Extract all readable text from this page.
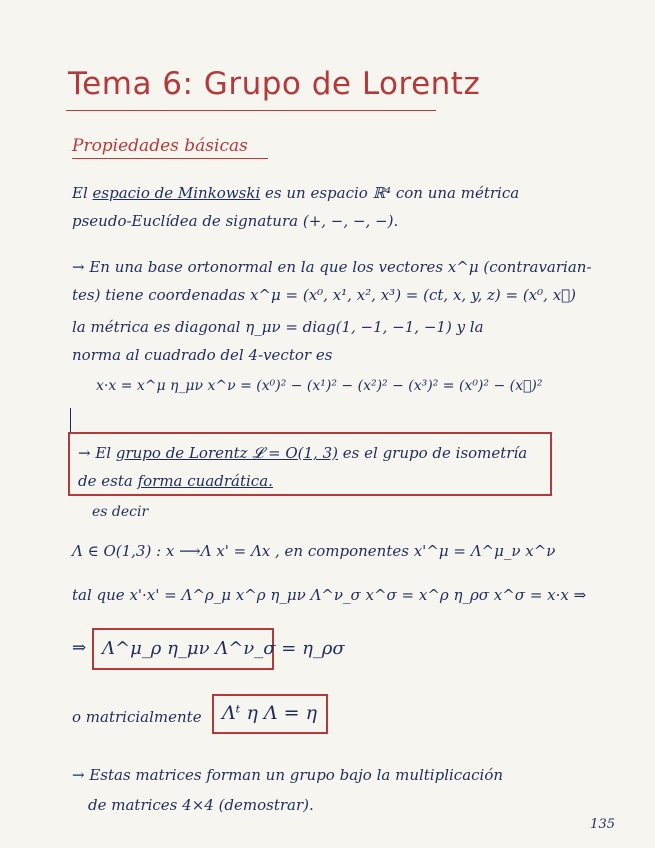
Tema 6: Grupo de Lorentz
Propiedades básicas
El espacio de Minkowski es un espacio ℝ⁴ con una métrica
pseudo-Euclídea de signatura (+, −, −, −).
→ En una base ortonormal en la que los vectores x^μ (contravarian-
tes) tiene coordenadas x^μ = (x⁰, x¹, x², x³) = (ct, x, y, z) = (x⁰, x⃗)
la métrica es diagonal η_μν = diag(1, −1, −1, −1) y la
norma al cuadrado del 4-vector es
x·x = x^μ η_μν x^ν = (x⁰)² − (x¹)² − (x²)² − (x³)² = (x⁰)² − (x⃗)²
→ El grupo de Lorentz 𝓛 = O(1, 3) es el grupo de isometría
de esta forma cuadrática.
es decir
Λ ∈ O(1,3) : x ⟶Λ x' = Λx , en componentes x'^μ = Λ^μ_ν x^ν
tal que x'·x' = Λ^ρ_μ x^ρ η_μν Λ^ν_σ x^σ = x^ρ η_ρσ x^σ = x·x ⇒
⇒ Λ^μ_ρ η_μν Λ^ν_σ = η_ρσ
o matricialmente Λᵗ η Λ = η
→ Estas matrices forman un grupo bajo la multiplicación
de matrices 4×4 (demostrar).
135
